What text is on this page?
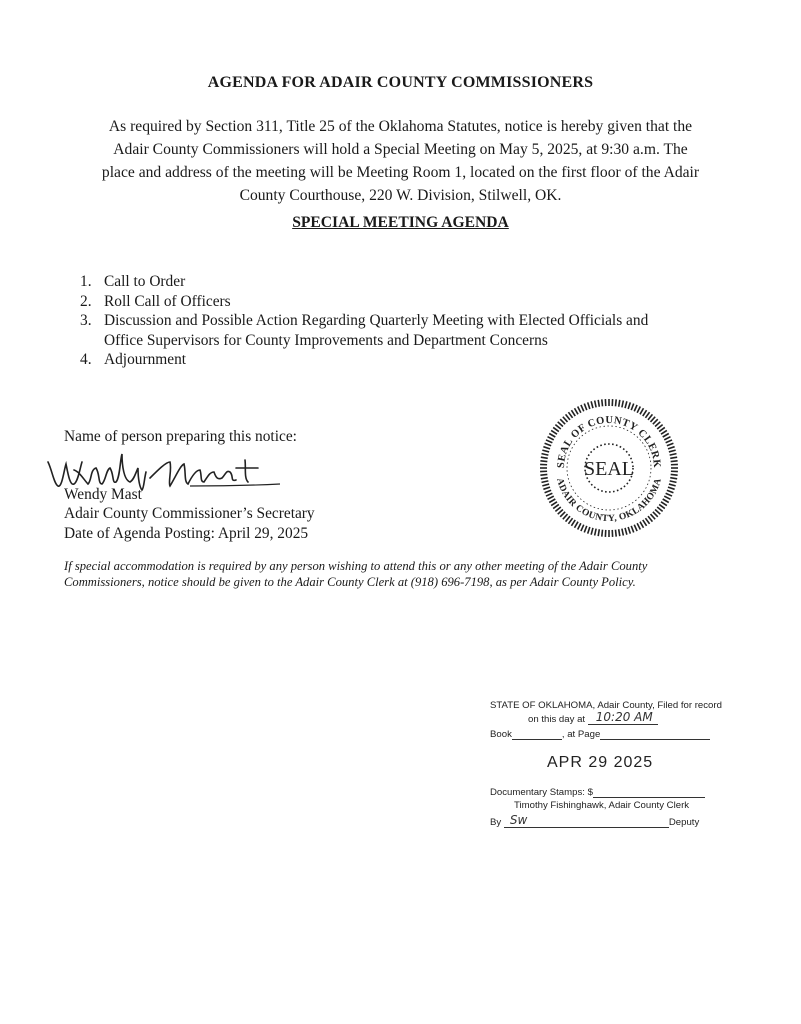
AGENDA FOR ADAIR COUNTY COMMISSIONERS
As required by Section 311, Title 25 of the Oklahoma Statutes, notice is hereby given that the
Adair County Commissioners will hold a Special Meeting on May 5, 2025, at 9:30 a.m. The
place and address of the meeting will be Meeting Room 1, located on the first floor of the Adair
County Courthouse, 220 W. Division, Stilwell, OK.
SPECIAL MEETING AGENDA
1. Call to Order
2. Roll Call of Officers
3. Discussion and Possible Action Regarding Quarterly Meeting with Elected Officials and
Office Supervisors for County Improvements and Department Concerns
4. Adjournment
Name of person preparing this notice:
Wendy Mast
Adair County Commissioner’s Secretary
Date of Agenda Posting: April 29, 2025
SEAL OF COUNTY CLERK
ADAIR COUNTY, OKLAHOMA
SEAL
If special accommodation is required by any person wishing to attend this or any other meeting of the Adair County
Commissioners, notice should be given to the Adair County Clerk at (918) 696-7198, as per Adair County Policy.
STATE OF OKLAHOMA, Adair County, Filed for record
on this day at 10:20 AM
Book	, at Page
APR 29 2025
Documentary Stamps: $
Timothy Fishinghawk, Adair County Clerk
By Sw	Deputy
